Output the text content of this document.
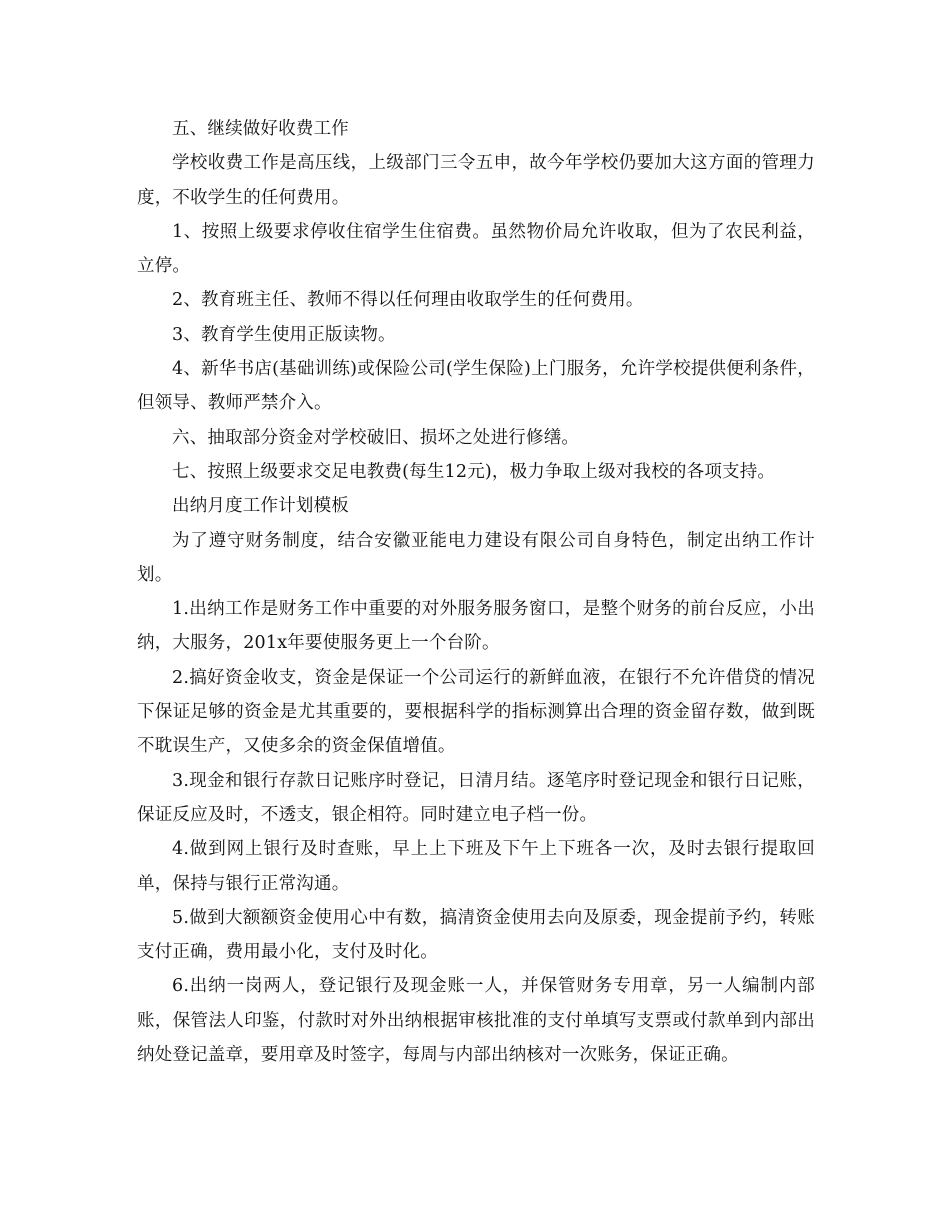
五、继续做好收费工作

学校收费工作是高压线，上级部门三令五申，故今年学校仍要加大这方面的管理力度，不收学生的任何费用。

1、按照上级要求停收住宿学生住宿费。虽然物价局允许收取，但为了农民利益，立停。

2、教育班主任、教师不得以任何理由收取学生的任何费用。

3、教育学生使用正版读物。

4、新华书店(基础训练)或保险公司(学生保险)上门服务，允许学校提供便利条件，但领导、教师严禁介入。

六、抽取部分资金对学校破旧、损坏之处进行修缮。

七、按照上级要求交足电教费(每生12元)，极力争取上级对我校的各项支持。

出纳月度工作计划模板

为了遵守财务制度，结合安徽亚能电力建设有限公司自身特色，制定出纳工作计划。

1.出纳工作是财务工作中重要的对外服务服务窗口，是整个财务的前台反应，小出纳，大服务，201x年要使服务更上一个台阶。

2.搞好资金收支，资金是保证一个公司运行的新鲜血液，在银行不允许借贷的情况下保证足够的资金是尤其重要的，要根据科学的指标测算出合理的资金留存数，做到既不耽误生产，又使多余的资金保值增值。

3.现金和银行存款日记账序时登记，日清月结。逐笔序时登记现金和银行日记账，保证反应及时，不透支，银企相符。同时建立电子档一份。

4.做到网上银行及时查账，早上上下班及下午上下班各一次，及时去银行提取回单，保持与银行正常沟通。

5.做到大额额资金使用心中有数，搞清资金使用去向及原委，现金提前予约，转账支付正确，费用最小化，支付及时化。

6.出纳一岗两人，登记银行及现金账一人，并保管财务专用章，另一人编制内部账，保管法人印鉴，付款时对外出纳根据审核批准的支付单填写支票或付款单到内部出纳处登记盖章，要用章及时签字，每周与内部出纳核对一次账务，保证正确。
